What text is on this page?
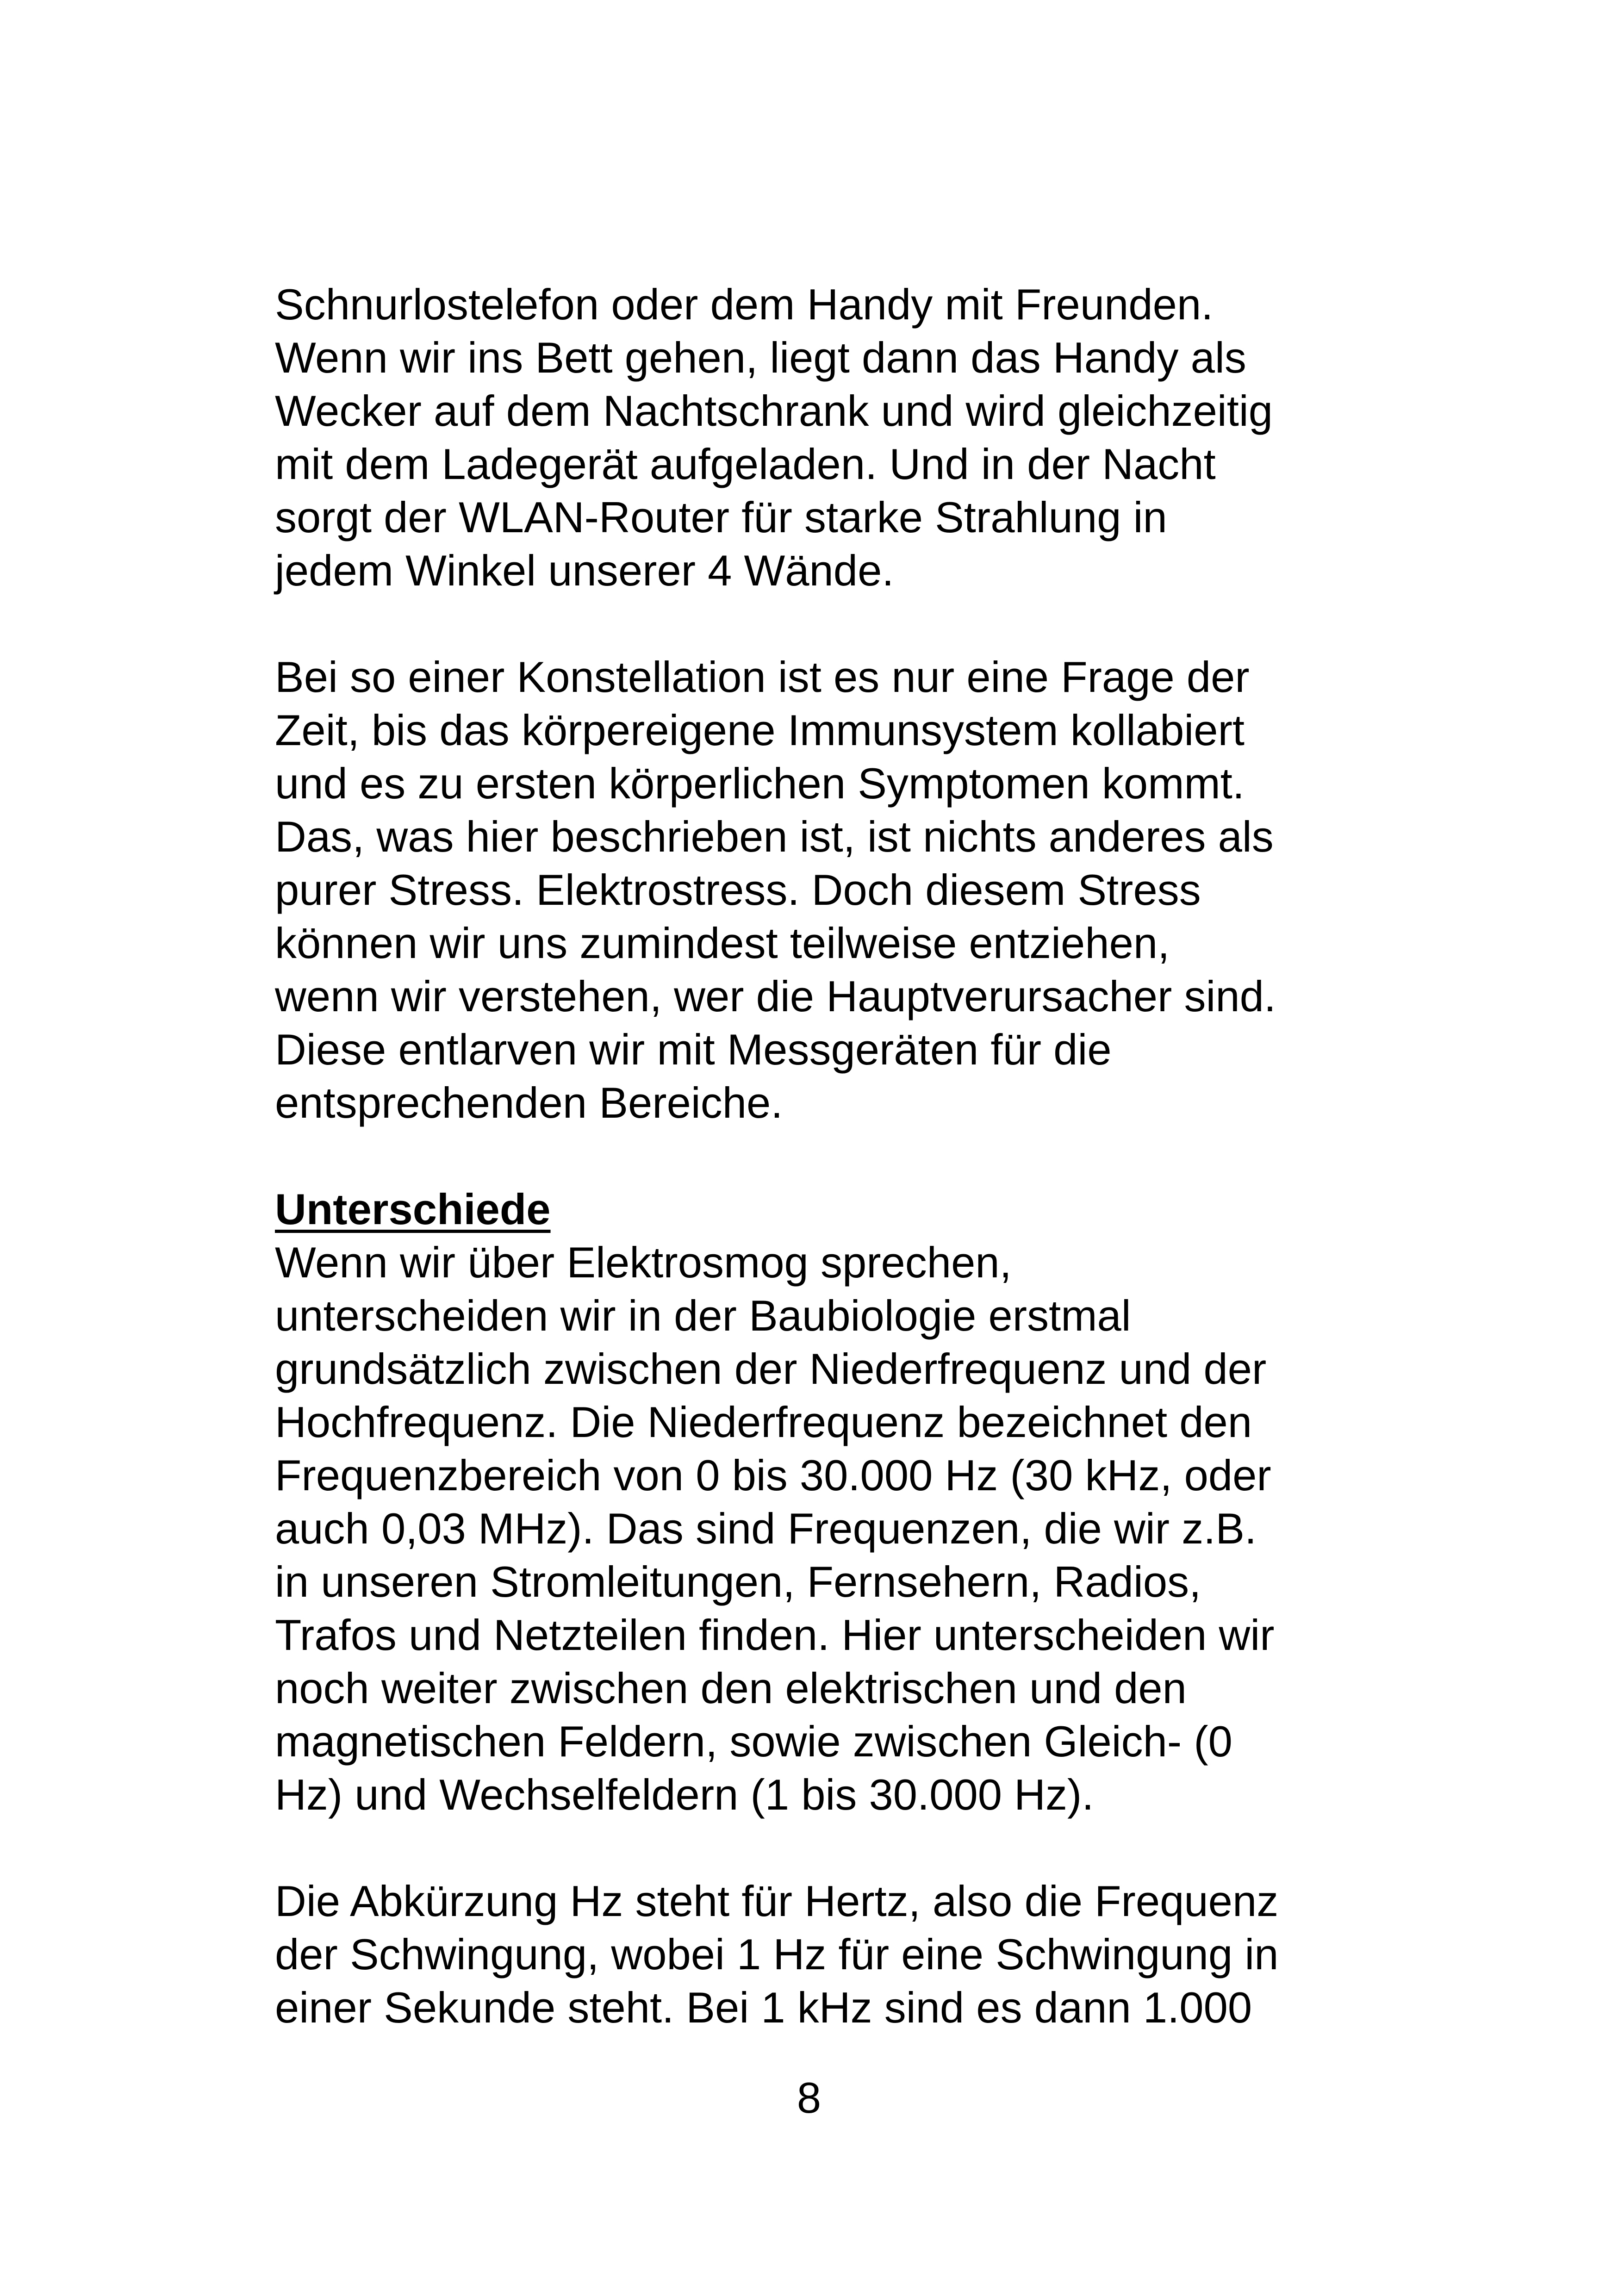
Schnurlostelefon oder dem Handy mit Freunden.
Wenn wir ins Bett gehen, liegt dann das Handy als
Wecker auf dem Nachtschrank und wird gleichzeitig
mit dem Ladegerät aufgeladen. Und in der Nacht
sorgt der WLAN-Router für starke Strahlung in
jedem Winkel unserer 4 Wände.
Bei so einer Konstellation ist es nur eine Frage der
Zeit, bis das körpereigene Immunsystem kollabiert
und es zu ersten körperlichen Symptomen kommt.
Das, was hier beschrieben ist, ist nichts anderes als
purer Stress. Elektrostress. Doch diesem Stress
können wir uns zumindest teilweise entziehen,
wenn wir verstehen, wer die Hauptverursacher sind.
Diese entlarven wir mit Messgeräten für die
entsprechenden Bereiche.
Unterschiede
Wenn wir über Elektrosmog sprechen,
unterscheiden wir in der Baubiologie erstmal
grundsätzlich zwischen der Niederfrequenz und der
Hochfrequenz. Die Niederfrequenz bezeichnet den
Frequenzbereich von 0 bis 30.000 Hz (30 kHz, oder
auch 0,03 MHz). Das sind Frequenzen, die wir z.B.
in unseren Stromleitungen, Fernsehern, Radios,
Trafos und Netzteilen finden. Hier unterscheiden wir
noch weiter zwischen den elektrischen und den
magnetischen Feldern, sowie zwischen Gleich- (0
Hz) und Wechselfeldern (1 bis 30.000 Hz).
Die Abkürzung Hz steht für Hertz, also die Frequenz
der Schwingung, wobei 1 Hz für eine Schwingung in
einer Sekunde steht. Bei 1 kHz sind es dann 1.000
8
